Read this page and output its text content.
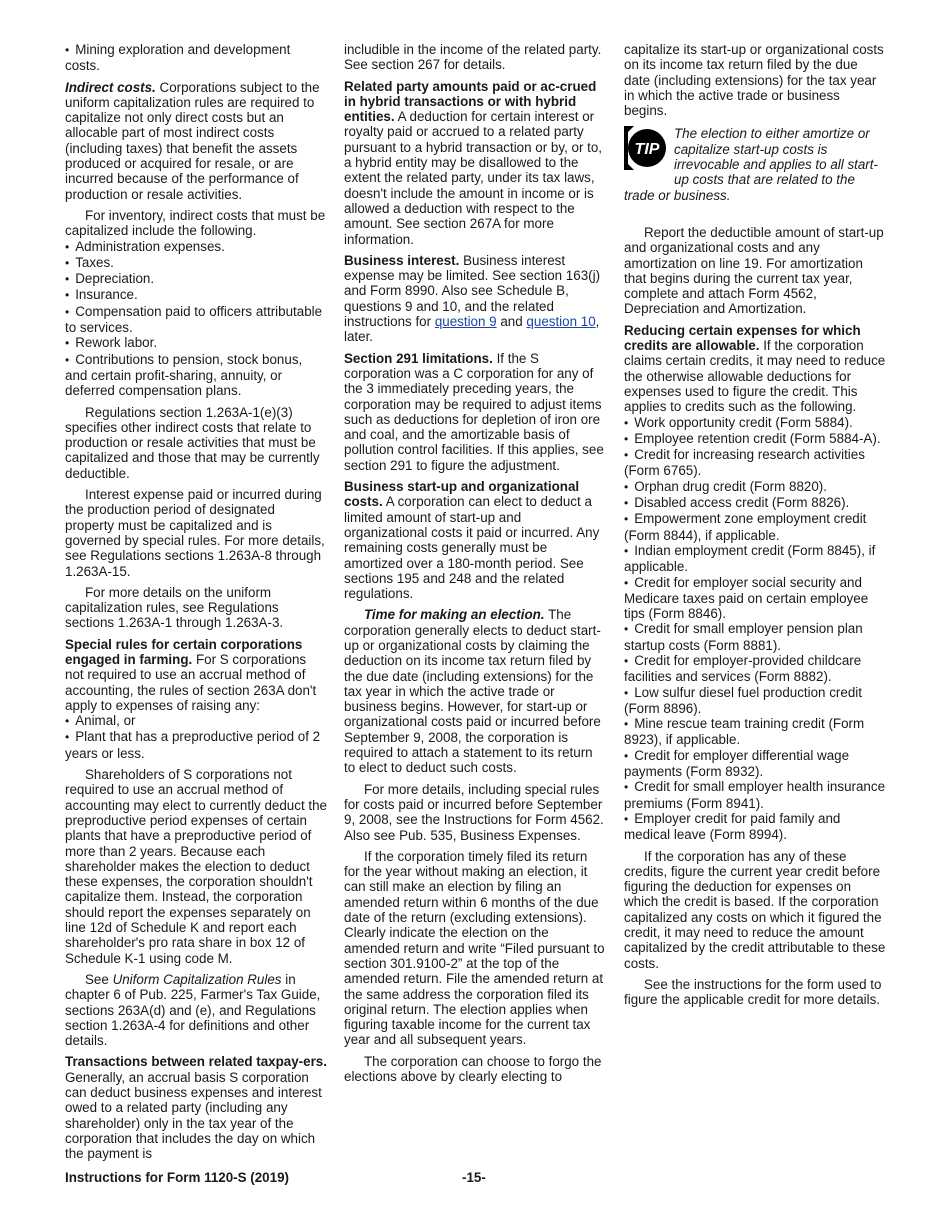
• Mining exploration and development costs.

Indirect costs. Corporations subject to the uniform capitalization rules are required to capitalize not only direct costs but an allocable part of most indirect costs (including taxes) that benefit the assets produced or acquired for resale, or are incurred because of the performance of production or resale activities.

For inventory, indirect costs that must be capitalized include the following.

• Administration expenses.

• Taxes.

• Depreciation.

• Insurance.

• Compensation paid to officers attributable to services.

• Rework labor.

• Contributions to pension, stock bonus, and certain profit-sharing, annuity, or deferred compensation plans.

Regulations section 1.263A-1(e)(3) specifies other indirect costs that relate to production or resale activities that must be capitalized and those that may be currently deductible.

Interest expense paid or incurred during the production period of designated property must be capitalized and is governed by special rules. For more details, see Regulations sections 1.263A-8 through 1.263A-15.

For more details on the uniform capitalization rules, see Regulations sections 1.263A-1 through 1.263A-3.

Special rules for certain corporations engaged in farming. For S corporations not required to use an accrual method of accounting, the rules of section 263A don't apply to expenses of raising any:

• Animal, or

• Plant that has a preproductive period of 2 years or less.

Shareholders of S corporations not required to use an accrual method of accounting may elect to currently deduct the preproductive period expenses of certain plants that have a preproductive period of more than 2 years. Because each shareholder makes the election to deduct these expenses, the corporation shouldn't capitalize them. Instead, the corporation should report the expenses separately on line 12d of Schedule K and report each shareholder's pro rata share in box 12 of Schedule K-1 using code M.

See Uniform Capitalization Rules in chapter 6 of Pub. 225, Farmer's Tax Guide, sections 263A(d) and (e), and Regulations section 1.263A-4 for definitions and other details.

Transactions between related taxpay-ers. Generally, an accrual basis S corporation can deduct business expenses and interest owed to a related party (including any shareholder) only in the tax year of the corporation that includes the day on which the payment is

includible in the income of the related party. See section 267 for details.

Related party amounts paid or ac-crued in hybrid transactions or with hybrid entities. A deduction for certain interest or royalty paid or accrued to a related party pursuant to a hybrid transaction or by, or to, a hybrid entity may be disallowed to the extent the related party, under its tax laws, doesn't include the amount in income or is allowed a deduction with respect to the amount. See section 267A for more information.

Business interest. Business interest expense may be limited. See section 163(j) and Form 8990. Also see Schedule B, questions 9 and 10, and the related instructions for question 9 and question 10, later.

Section 291 limitations. If the S corporation was a C corporation for any of the 3 immediately preceding years, the corporation may be required to adjust items such as deductions for depletion of iron ore and coal, and the amortizable basis of pollution control facilities. If this applies, see section 291 to figure the adjustment.

Business start-up and organizational costs. A corporation can elect to deduct a limited amount of start-up and organizational costs it paid or incurred. Any remaining costs generally must be amortized over a 180-month period. See sections 195 and 248 and the related regulations.

Time for making an election. The corporation generally elects to deduct start-up or organizational costs by claiming the deduction on its income tax return filed by the due date (including extensions) for the tax year in which the active trade or business begins. However, for start-up or organizational costs paid or incurred before September 9, 2008, the corporation is required to attach a statement to its return to elect to deduct such costs.

For more details, including special rules for costs paid or incurred before September 9, 2008, see the Instructions for Form 4562. Also see Pub. 535, Business Expenses.

If the corporation timely filed its return for the year without making an election, it can still make an election by filing an amended return within 6 months of the due date of the return (excluding extensions). Clearly indicate the election on the amended return and write “Filed pursuant to section 301.9100-2” at the top of the amended return. File the amended return at the same address the corporation filed its original return. The election applies when figuring taxable income for the current tax year and all subsequent years.

The corporation can choose to forgo the elections above by clearly electing to

capitalize its start-up or organizational costs on its income tax return filed by the due date (including extensions) for the tax year in which the active trade or business begins.

TIP
The election to either amortize or capitalize start-up costs is irrevocable and applies to all start-up costs that are related to the trade or business.

Report the deductible amount of start-up and organizational costs and any amortization on line 19. For amortization that begins during the current tax year, complete and attach Form 4562, Depreciation and Amortization.

Reducing certain expenses for which credits are allowable. If the corporation claims certain credits, it may need to reduce the otherwise allowable deductions for expenses used to figure the credit. This applies to credits such as the following.

• Work opportunity credit (Form 5884).

• Employee retention credit (Form 5884-A).

• Credit for increasing research activities (Form 6765).

• Orphan drug credit (Form 8820).

• Disabled access credit (Form 8826).

• Empowerment zone employment credit (Form 8844), if applicable.

• Indian employment credit (Form 8845), if applicable.

• Credit for employer social security and Medicare taxes paid on certain employee tips (Form 8846).

• Credit for small employer pension plan startup costs (Form 8881).

• Credit for employer-provided childcare facilities and services (Form 8882).

• Low sulfur diesel fuel production credit (Form 8896).

• Mine rescue team training credit (Form 8923), if applicable.

• Credit for employer differential wage payments (Form 8932).

• Credit for small employer health insurance premiums (Form 8941).

• Employer credit for paid family and medical leave (Form 8994).

If the corporation has any of these credits, figure the current year credit before figuring the deduction for expenses on which the credit is based. If the corporation capitalized any costs on which it figured the credit, it may need to reduce the amount capitalized by the credit attributable to these costs.

See the instructions for the form used to figure the applicable credit for more details.

Instructions for Form 1120-S (2019)	-15-
